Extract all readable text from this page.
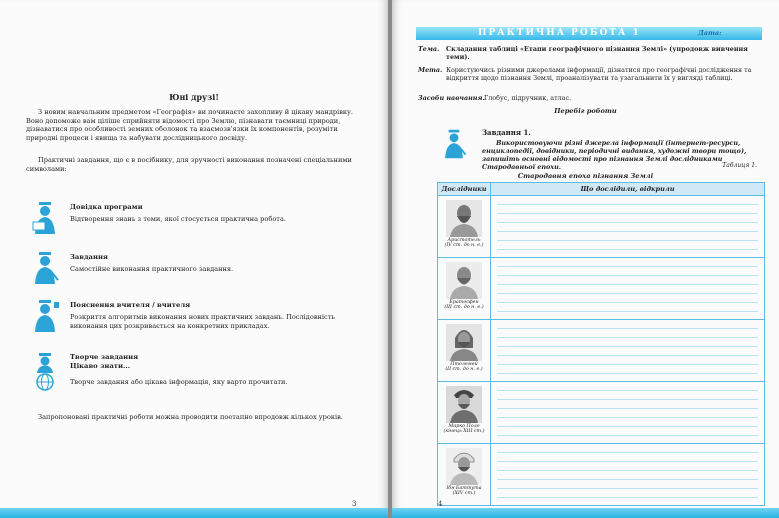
Юні друзі!

З новим навчальним предметом «Географія» ви починаєте захопливу й цікаву мандрівку. Воно допоможе вам ціліше сприйняти відомості про Землю, пізнавати таємниці природи, дізнаватися про особливості земних оболонок та взаємозв'язки їх компонентів, розуміти природні процеси і явища та набувати дослідницького досвіду.

Практичні завдання, що є в посібнику, для зручності виконання позначені спеціальними символами:

Довідка програми
Відтворення знань з теми, якої стосується практична робота.
Завдання
Самостійне виконання практичного завдання.
Пояснення вчителя / вчителя
Розкриття алгоритмів виконання нових практичних завдань. Послідовність виконання цих розкривається на конкретних прикладах.
Творче завдання
Цікаво знати...
Творче завдання або цікава інформація, яку варто прочитати.
Запропоновані практичні роботи можна проводити поетапно впродовж кількох уроків.
3
ПРАКТИЧНА РОБОТА 1	Дата:
Тема. Складання таблиці «Етапи географічного пізнання Землі» (упродовж вивчення теми).
Мета. Користуючись різними джерелами інформації, дізнатися про географічні дослідження та відкриття щодо пізнання Землі, проаналізувати та узагальнити їх у вигляді таблиці.
Засоби навчання. Глобус, підручник, атлас.
Перебіг роботи
Завдання 1.
Використовуючи різні джерела інформації (інтернет-ресурси, енциклопедії, довідники, періодичні видання, художні твори тощо), запишіть основні відомості про пізнання Землі дослідниками Стародавньої епохи.	Таблиця 1.
Стародавня епоха пізнання Землі
Дослідники	Що дослідили, відкрили
Аристотель
(IV ст. до н. е.)
Ератосфен
(III ст. до н. е.)
Птолемей
(II ст. до н. е.)
Марко Поло
(кінець XIII ст.)
Ібн Баттута
(XIV ст.)
4
